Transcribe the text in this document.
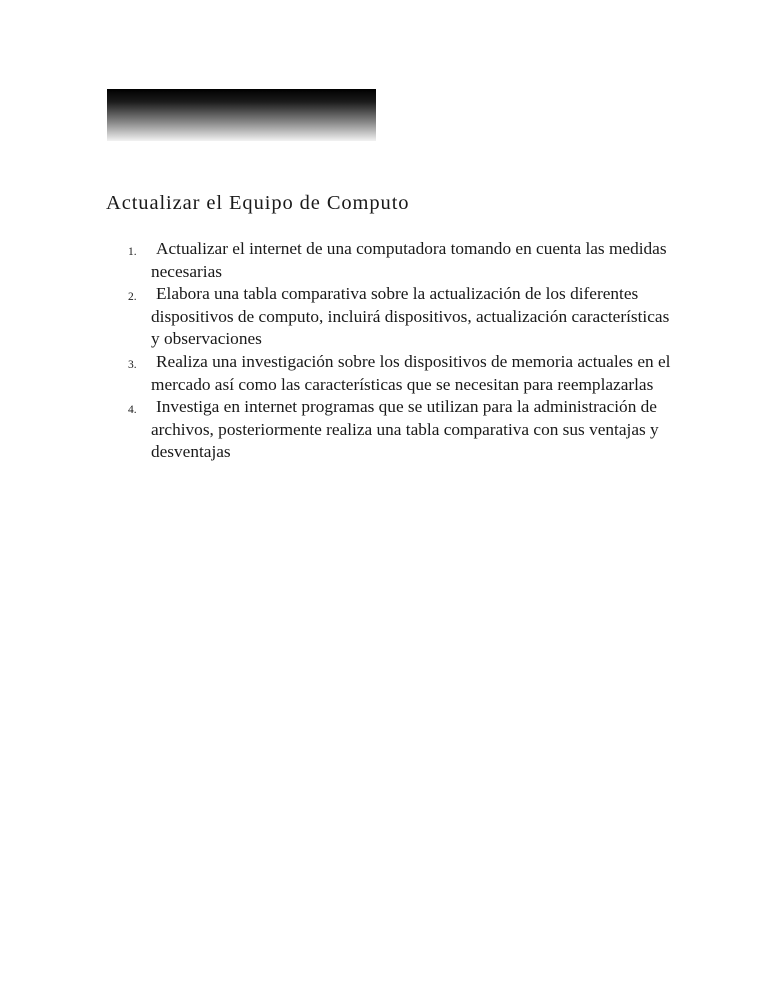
Actualizar el Equipo de Computo
1. Actualizar el internet de una computadora tomando en cuenta las medidas necesarias
2. Elabora una tabla comparativa sobre la actualización de los diferentes dispositivos de computo, incluirá dispositivos, actualización características y observaciones
3. Realiza una investigación sobre los dispositivos de memoria actuales en el mercado así como las características que se necesitan para reemplazarlas
4. Investiga en internet programas que se utilizan para la administración de archivos, posteriormente realiza una tabla comparativa con sus ventajas y desventajas
